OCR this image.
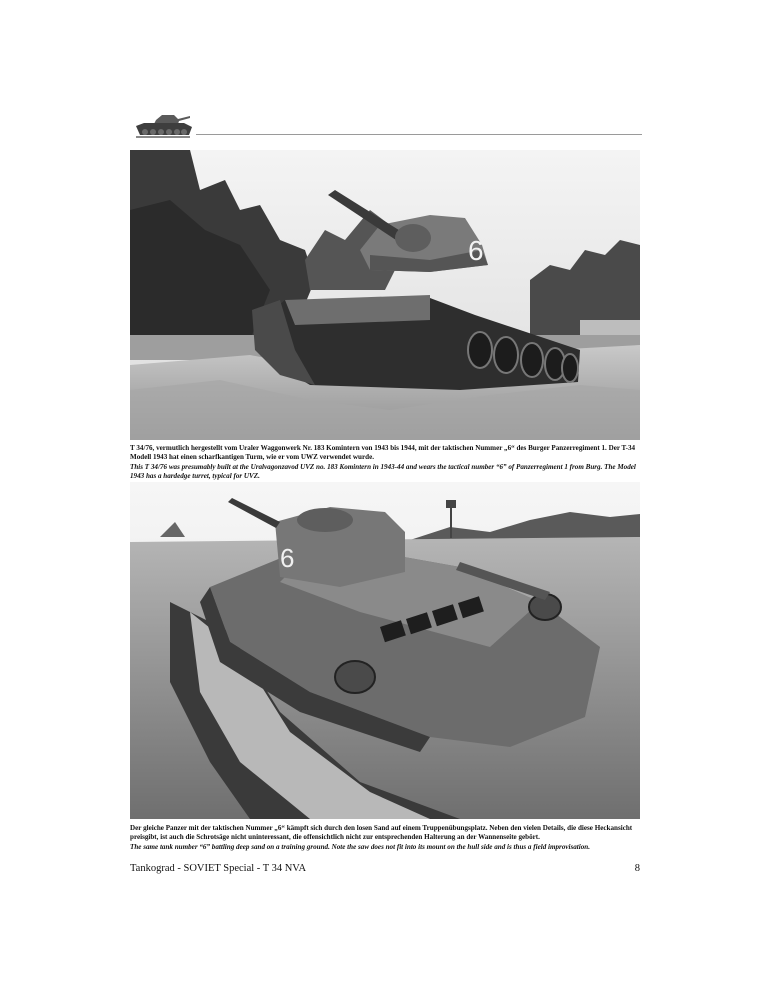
6

T 34/76, vermutlich hergestellt vom Uraler Waggonwerk Nr. 183 Komintern von 1943 bis 1944, mit der taktischen Nummer „6“ des Burger Panzerregiment 1. Der T-34 Modell 1943 hat einen scharfkantigen Turm, wie er vom UWZ verwendet wurde.

This T 34/76 was presumably built at the Uralvagonzavod UVZ no. 183 Komintern in 1943-44 and wears the tactical number “6” of Panzerregiment 1 from Burg. The Model 1943 has a hardedge turret, typical for UVZ.

6

Der gleiche Panzer mit der taktischen Nummer „6“ kämpft sich durch den losen Sand auf einem Truppenübungsplatz. Neben den vielen Details, die diese Heckansicht preisgibt, ist auch die Schrotsäge nicht uninteressant, die offensichtlich nicht zur entsprechenden Halterung an der Wannenseite gebört.

The same tank number “6” battling deep sand on a training ground. Note the saw does not fit into its mount on the hull side and is thus a field improvisation.

Tankograd - SOVIET Special - T 34 NVA	8
